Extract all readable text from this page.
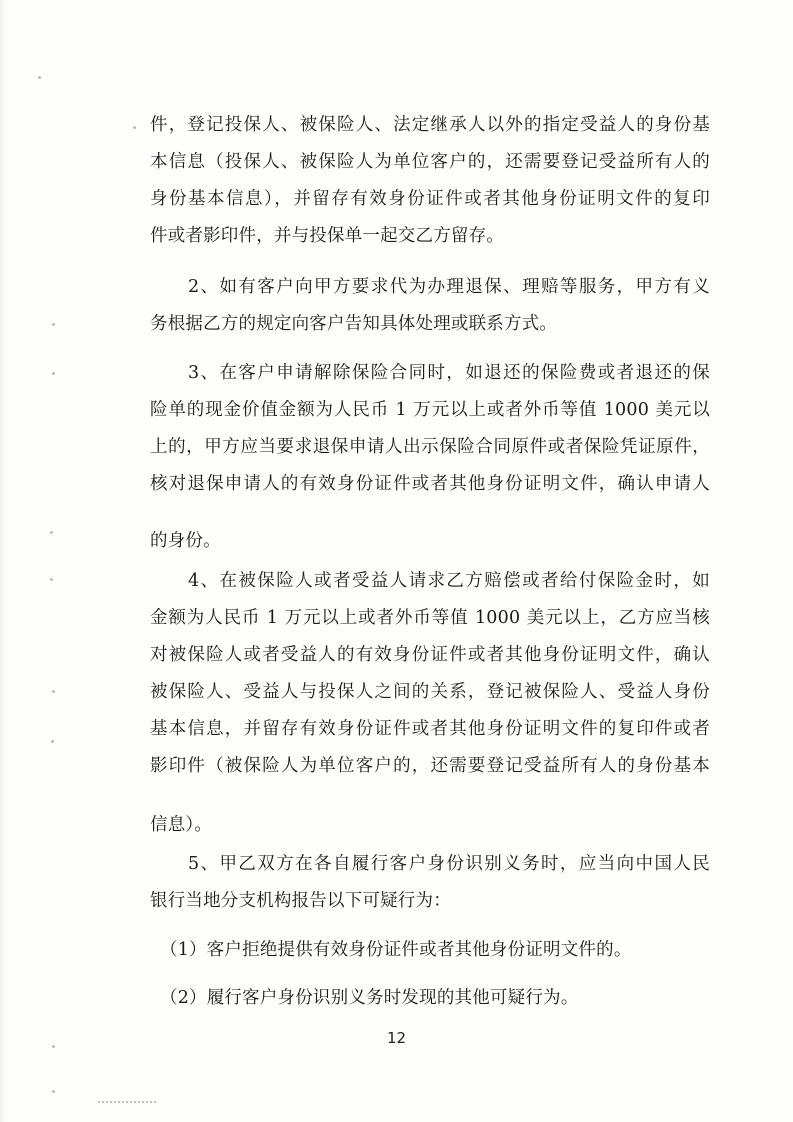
件，登记投保人、被保险人、法定继承人以外的指定受益人的身份基
本信息（投保人、被保险人为单位客户的，还需要登记受益所有人的
身份基本信息），并留存有效身份证件或者其他身份证明文件的复印
件或者影印件，并与投保单一起交乙方留存。
2、如有客户向甲方要求代为办理退保、理赔等服务，甲方有义
务根据乙方的规定向客户告知具体处理或联系方式。
3、在客户申请解除保险合同时，如退还的保险费或者退还的保
险单的现金价值金额为人民币 1 万元以上或者外币等值 1000 美元以
上的，甲方应当要求退保申请人出示保险合同原件或者保险凭证原件，
核对退保申请人的有效身份证件或者其他身份证明文件，确认申请人
的身份。
4、在被保险人或者受益人请求乙方赔偿或者给付保险金时，如
金额为人民币 1 万元以上或者外币等值 1000 美元以上，乙方应当核
对被保险人或者受益人的有效身份证件或者其他身份证明文件，确认
被保险人、受益人与投保人之间的关系，登记被保险人、受益人身份
基本信息，并留存有效身份证件或者其他身份证明文件的复印件或者
影印件（被保险人为单位客户的，还需要登记受益所有人的身份基本
信息）。
5、甲乙双方在各自履行客户身份识别义务时，应当向中国人民
银行当地分支机构报告以下可疑行为：
（1）客户拒绝提供有效身份证件或者其他身份证明文件的。
（2）履行客户身份识别义务时发现的其他可疑行为。
12
